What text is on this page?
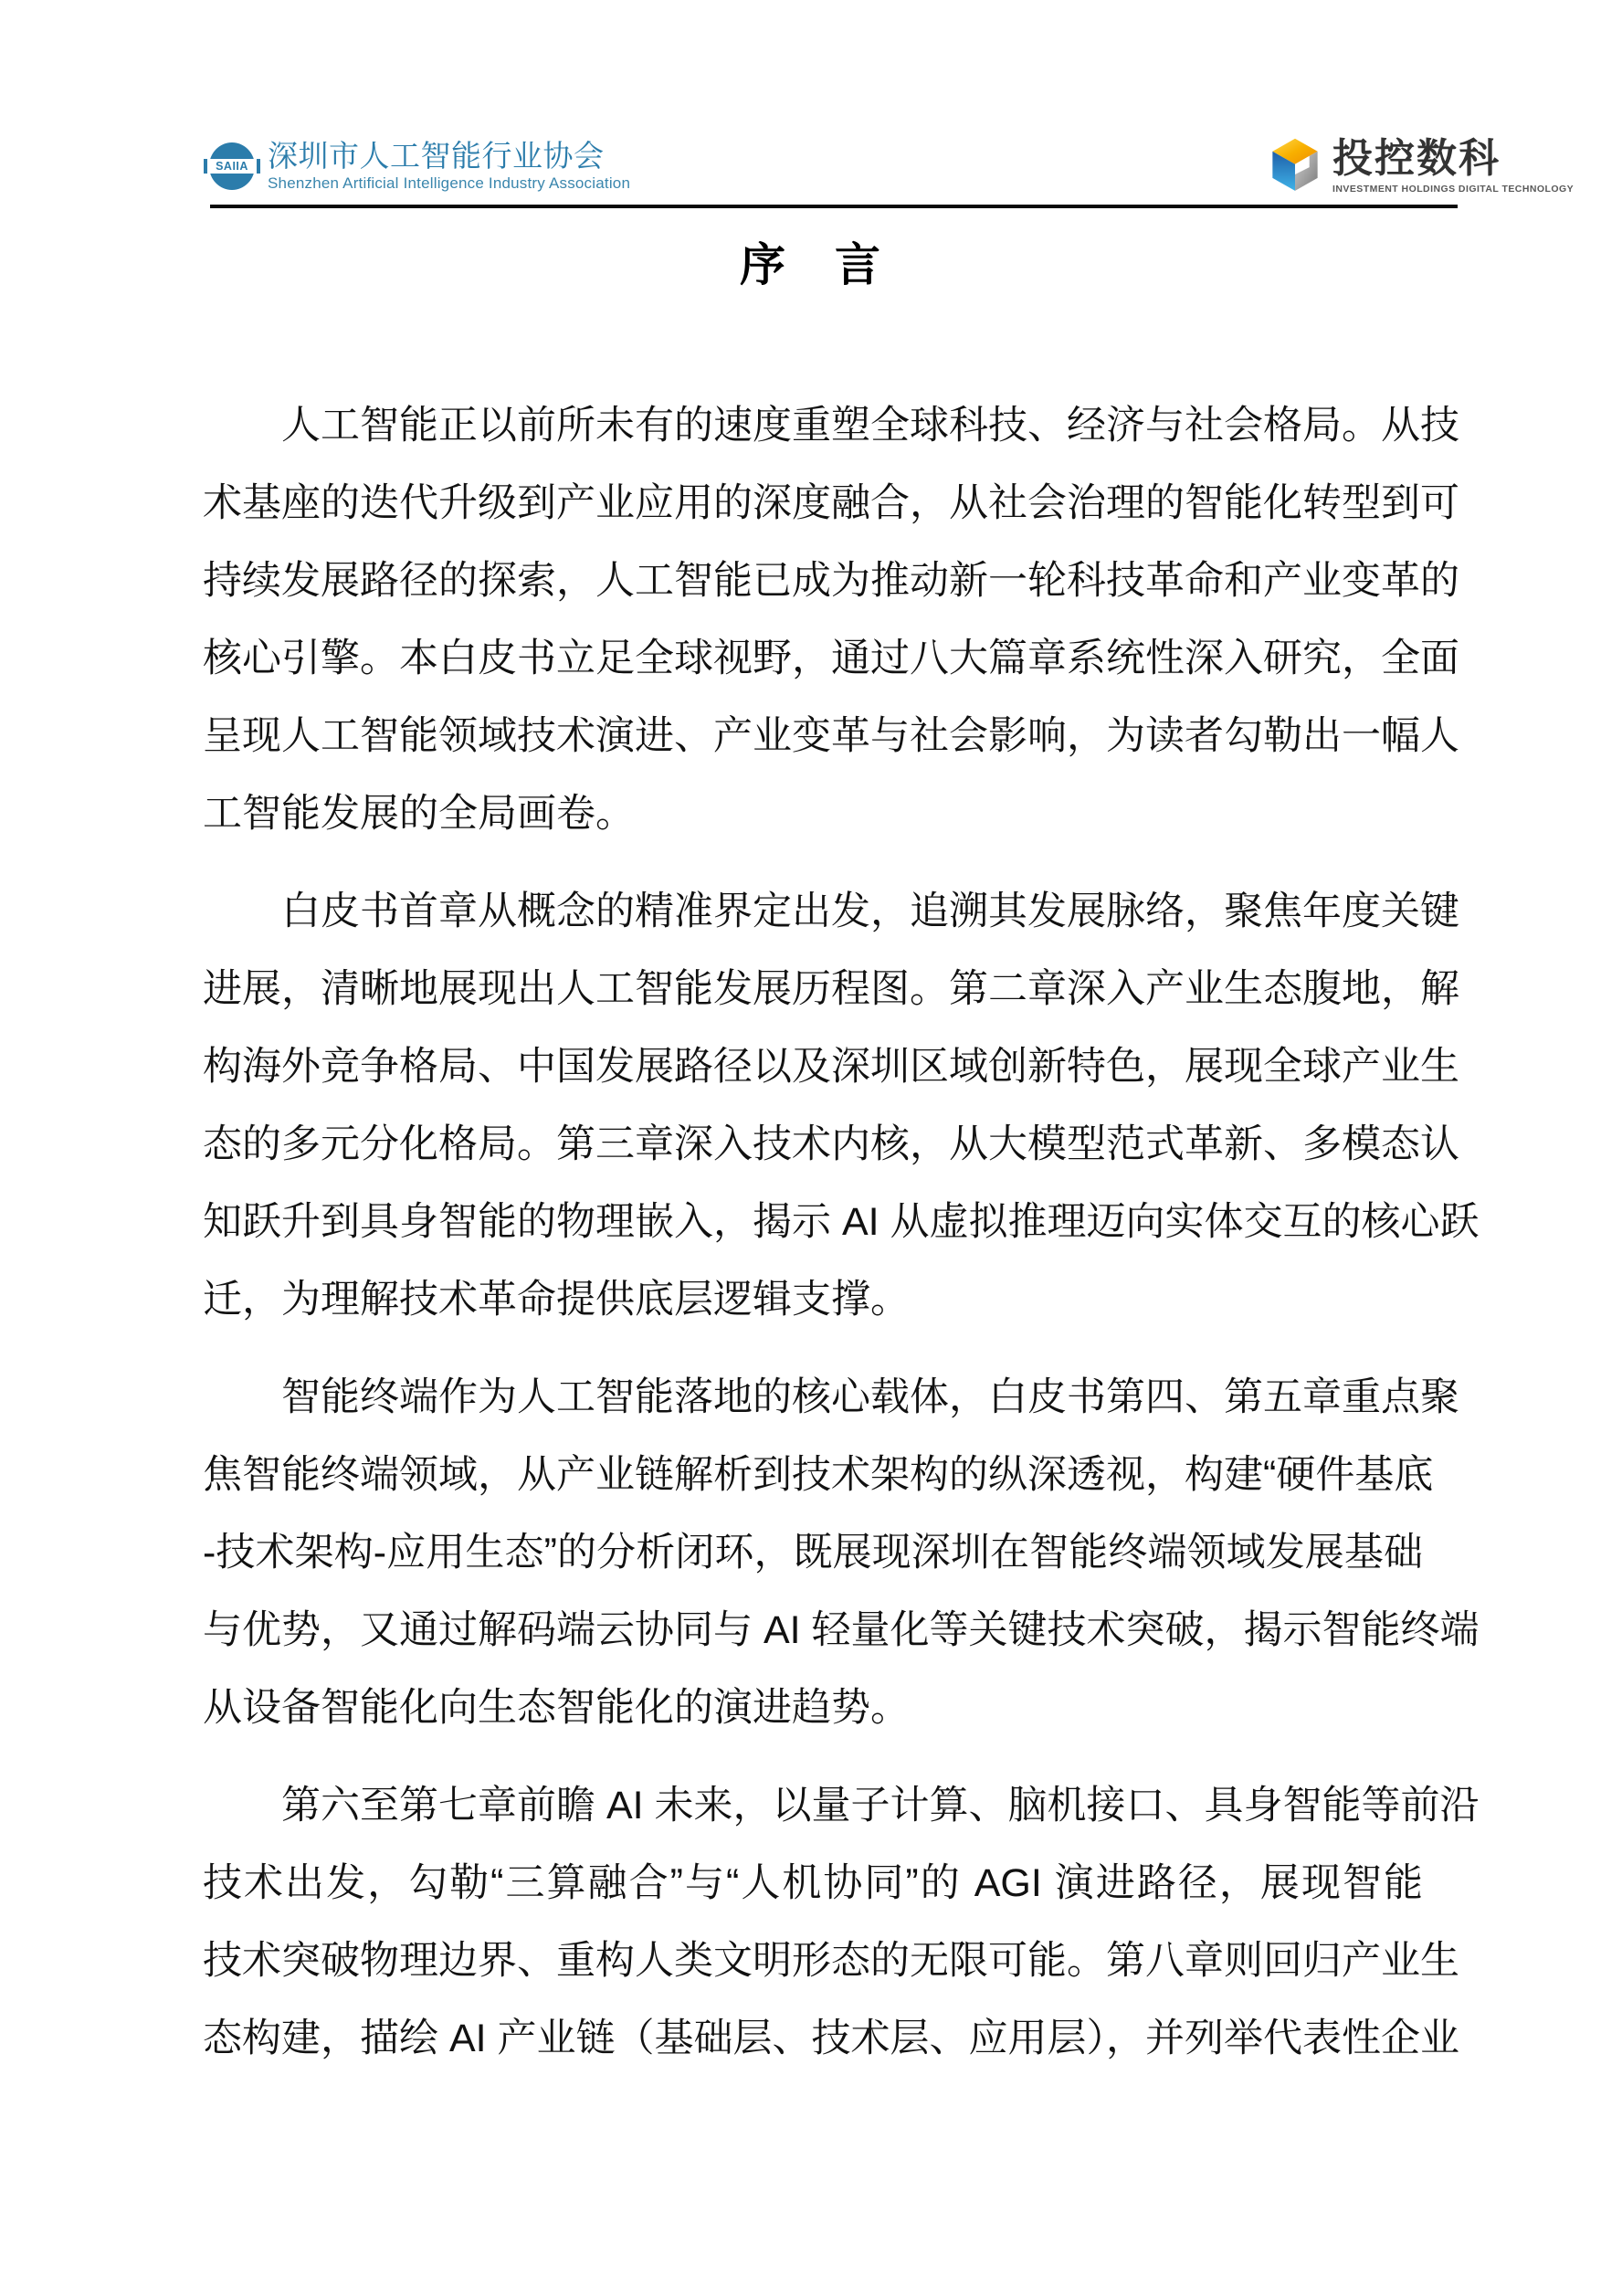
SAIIA 深圳市人工智能行业协会
Shenzhen Artificial Intelligence Industry Association
投控数科
INVESTMENT HOLDINGS DIGITAL TECHNOLOGY
序　言
人工智能正以前所未有的速度重塑全球科技、经济与社会格局。从技
术基座的迭代升级到产业应用的深度融合，从社会治理的智能化转型到可
持续发展路径的探索，人工智能已成为推动新一轮科技革命和产业变革的
核心引擎。本白皮书立足全球视野，通过八大篇章系统性深入研究，全面
呈现人工智能领域技术演进、产业变革与社会影响，为读者勾勒出一幅人
工智能发展的全局画卷。
白皮书首章从概念的精准界定出发，追溯其发展脉络，聚焦年度关键
进展，清晰地展现出人工智能发展历程图。第二章深入产业生态腹地，解
构海外竞争格局、中国发展路径以及深圳区域创新特色，展现全球产业生
态的多元分化格局。第三章深入技术内核，从大模型范式革新、多模态认
知跃升到具身智能的物理嵌入，揭示 AI 从虚拟推理迈向实体交互的核心跃
迁，为理解技术革命提供底层逻辑支撑。
智能终端作为人工智能落地的核心载体，白皮书第四、第五章重点聚
焦智能终端领域，从产业链解析到技术架构的纵深透视，构建“硬件基底
-技术架构-应用生态”的分析闭环，既展现深圳在智能终端领域发展基础
与优势，又通过解码端云协同与 AI 轻量化等关键技术突破，揭示智能终端
从设备智能化向生态智能化的演进趋势。
第六至第七章前瞻 AI 未来，以量子计算、脑机接口、具身智能等前沿
技术出发，勾勒“三算融合”与“人机协同”的 AGI 演进路径，展现智能
技术突破物理边界、重构人类文明形态的无限可能。第八章则回归产业生
态构建，描绘 AI 产业链（基础层、技术层、应用层），并列举代表性企业
